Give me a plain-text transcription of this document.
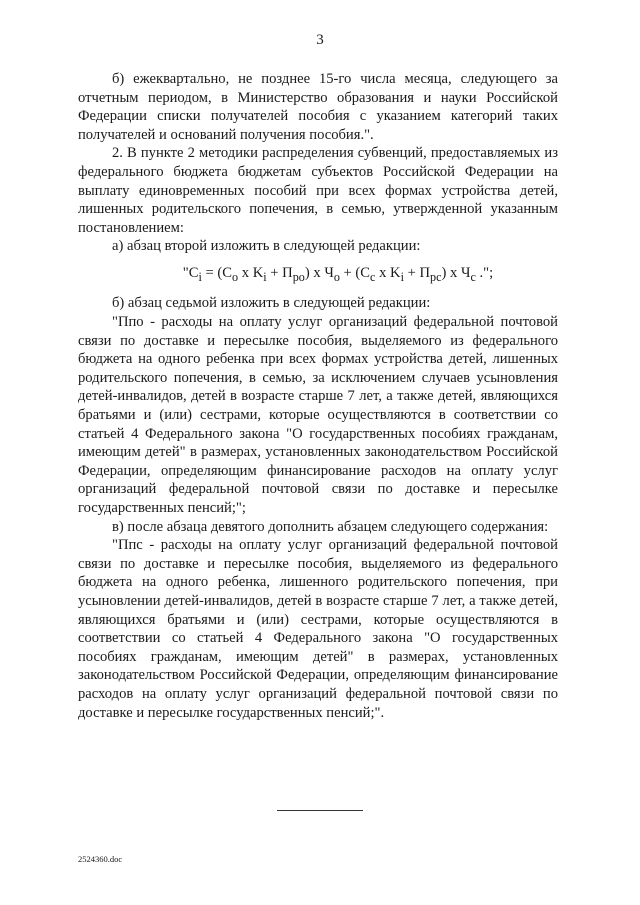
3

б) ежеквартально, не позднее 15-го числа месяца, следующего за отчетным периодом, в Министерство образования и науки Российской Федерации списки получателей пособия с указанием категорий таких получателей и оснований получения пособия.".

2. В пункте 2 методики распределения субвенций, предоставляемых из федерального бюджета бюджетам субъектов Российской Федерации на выплату единовременных пособий при всех формах устройства детей, лишенных родительского попечения, в семью, утвержденной указанным постановлением:

а) абзац второй изложить в следующей редакции:

"$C_i = (C_o$ x $K_i + П_{po}$) x $Ч_o + (C_c$ x $K_i + П_{pc}$) x $Ч_c$ .";

б) абзац седьмой изложить в следующей редакции:

"Ппо - расходы на оплату услуг организаций федеральной почтовой связи по доставке и пересылке пособия, выделяемого из федерального бюджета на одного ребенка при всех формах устройства детей, лишенных родительского попечения, в семью, за исключением случаев усыновления детей-инвалидов, детей в возрасте старше 7 лет, а также детей, являющихся братьями и (или) сестрами, которые осуществляются в соответствии со статьей 4 Федерального закона "О государственных пособиях гражданам, имеющим детей" в размерах, установленных законодательством Российской Федерации, определяющим финансирование расходов на оплату услуг организаций федеральной почтовой связи по доставке и пересылке государственных пенсий;";

в) после абзаца девятого дополнить абзацем следующего содержания:

"Ппс - расходы на оплату услуг организаций федеральной почтовой связи по доставке и пересылке пособия, выделяемого из федерального бюджета на одного ребенка, лишенного родительского попечения, при усыновлении детей-инвалидов, детей в возрасте старше 7 лет, а также детей, являющихся братьями и (или) сестрами, которые осуществляются в соответствии со статьей 4 Федерального закона "О государственных пособиях гражданам, имеющим детей" в размерах, установленных законодательством Российской Федерации, определяющим финансирование расходов на оплату услуг организаций федеральной почтовой связи по доставке и пересылке государственных пенсий;".

2524360.doc
